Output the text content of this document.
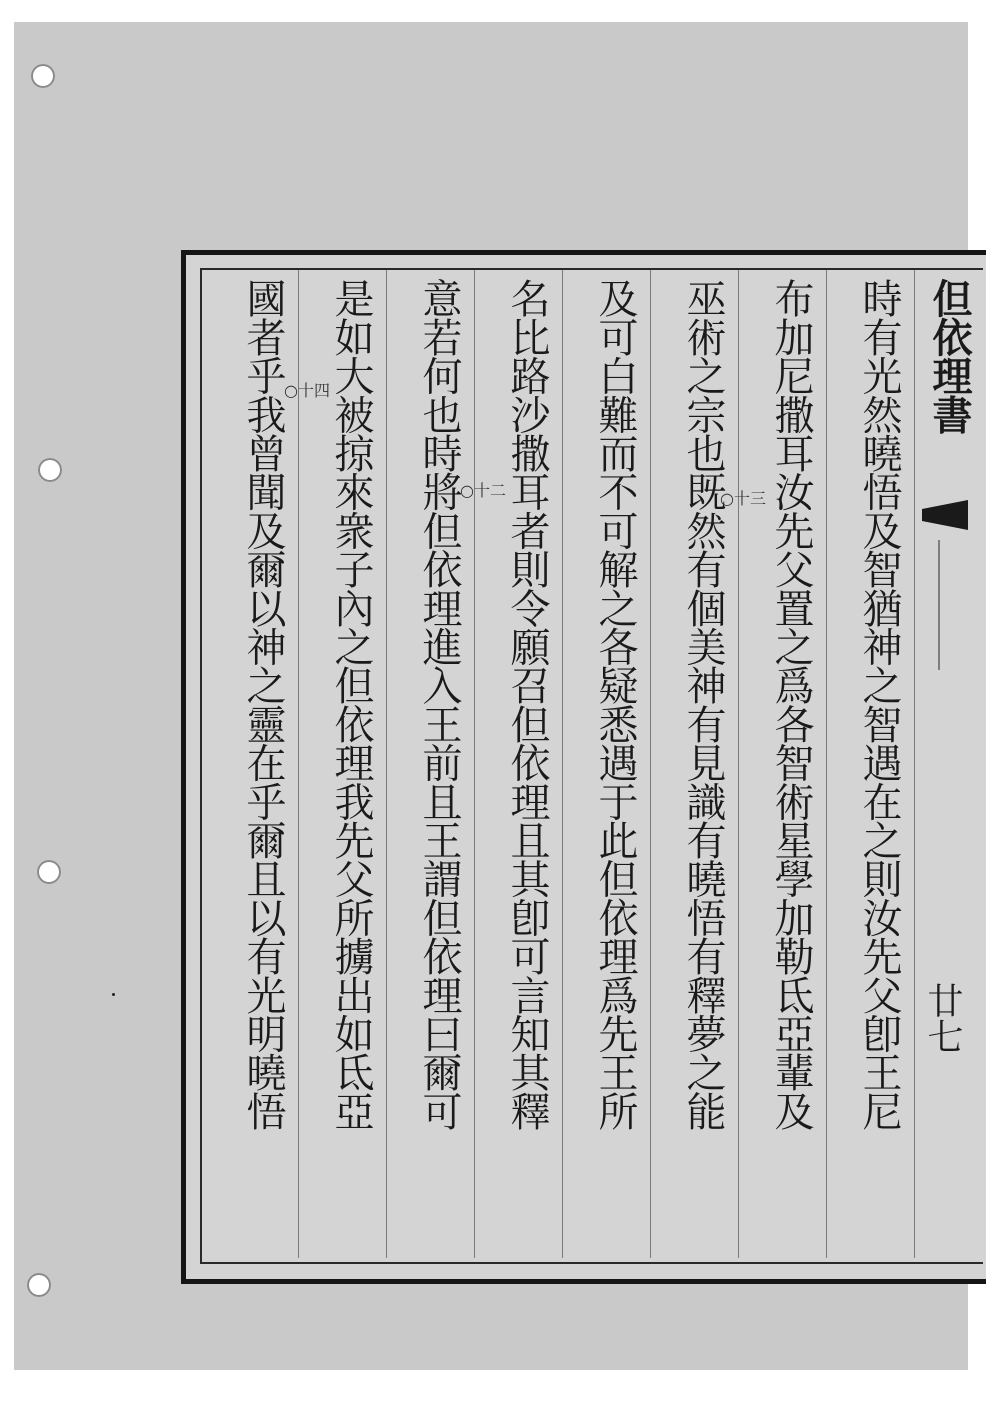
但依理書
廿七
時有光然曉悟及智猶神之智遇在之則汝先父卽王尼
布加尼撒耳汝先父置之爲各智術星學加勒氐亞輩及
巫術之宗也既然有個美神有見識有曉悟有釋夢之能
及可白難而不可解之各疑悉遇于此但依理爲先王所
名比路沙撒耳者則令願召但依理且其卽可言知其釋
意若何也時將但依理進入王前且王謂但依理曰爾可
是如大被掠來衆子內之但依理我先父所擄出如氐亞
國者乎我曾聞及爾以神之靈在乎爾且以有光明曉悟	○十三
○十二
○十四
